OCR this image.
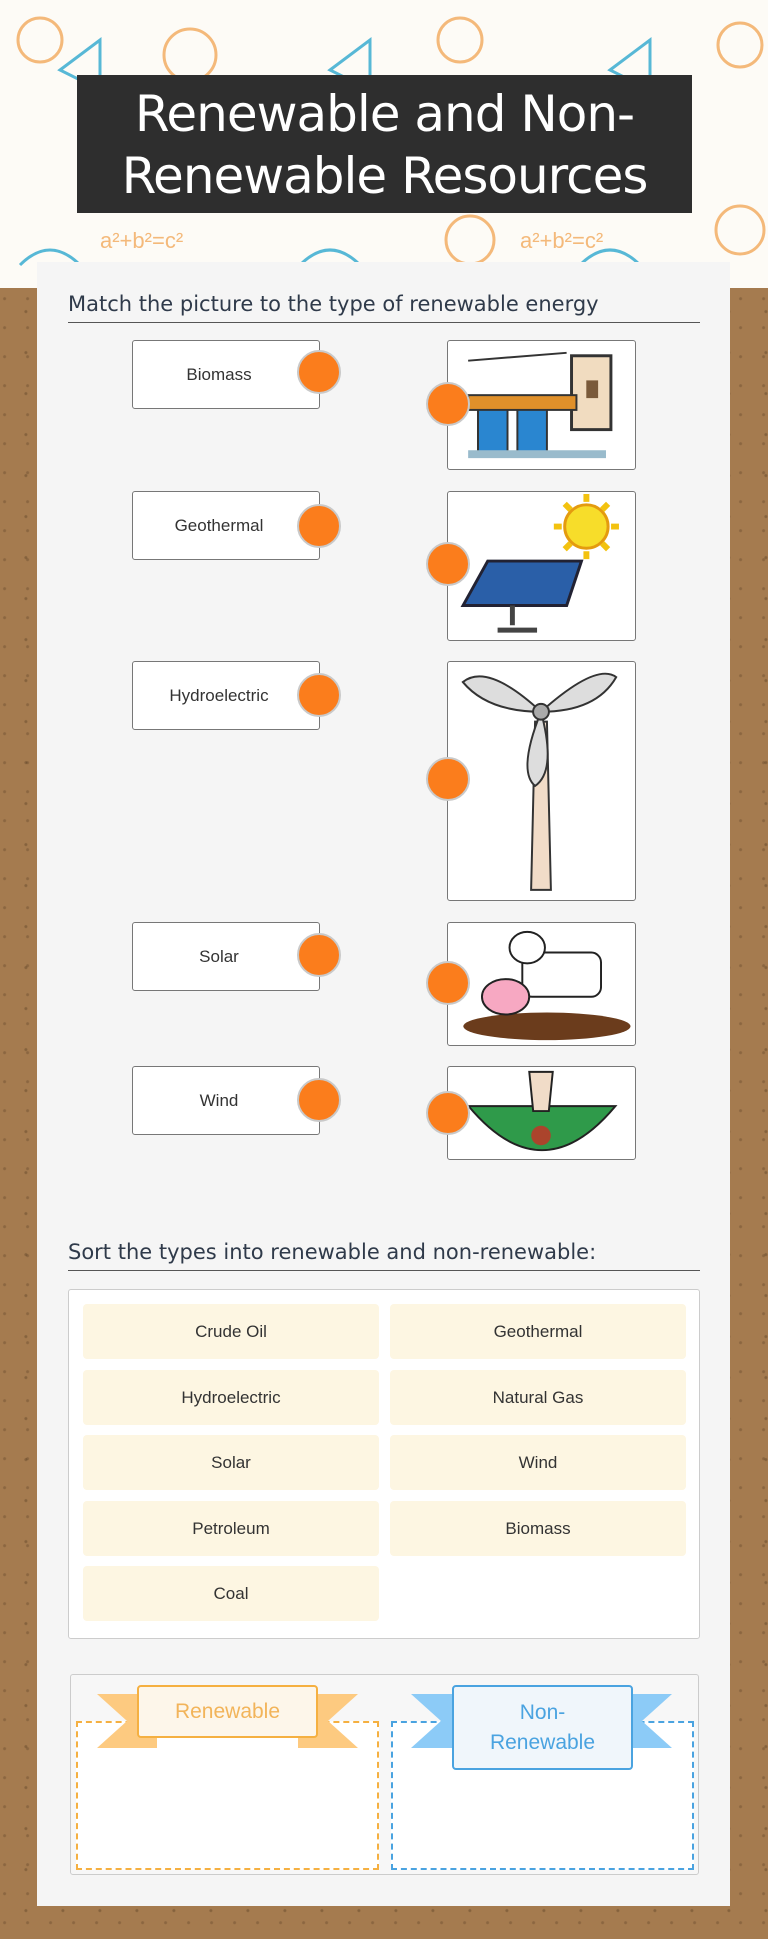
a²+b²=c²	a²+b²=c²
Renewable and Non-Renewable Resources
Match the picture to the type of renewable energy
Biomass
Geothermal
Hydroelectric
Solar
Wind
Sort the types into renewable and non-renewable:
Crude Oil	Geothermal
Hydroelectric	Natural Gas
Solar	Wind
Petroleum	Biomass
Coal
Renewable	Non-Renewable
